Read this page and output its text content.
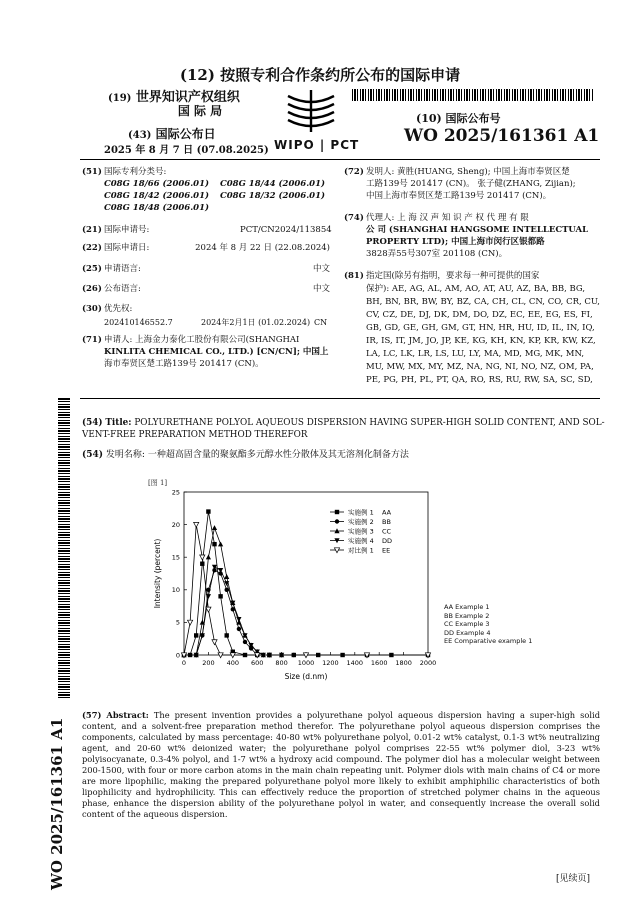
(12) 按照专利合作条约所公布的国际申请
(19) 世界知识产权组织
国 际 局
(43) 国际公布日
2025 年 8 月 7 日 (07.08.2025) WIPO | PCT
(10) 国际公布号
WO 2025/161361 A1
(51) 国际专利分类号:
C08G 18/66 (2006.01) C08G 18/44 (2006.01)
C08G 18/42 (2006.01) C08G 18/32 (2006.01)
C08G 18/48 (2006.01)
(21) 国际申请号:	PCT/CN2024/113854
(22) 国际申请日:	2024 年 8 月 22 日 (22.08.2024)
(25) 申请语言:	中文
(26) 公布语言:	中文
(30) 优先权:
202410146552.7	2024年2月1日 (01.02.2024) CN
(71) 申请人: 上海金力泰化工股份有限公司(SHANGHAI
KINLITA CHEMICAL CO., LTD.) [CN/CN]; 中国上
海市奉贤区楚工路139号 201417 (CN)。
(72) 发明人: 黄胜(HUANG, Sheng); 中国上海市奉贤区楚
工路139号 201417 (CN)。 张子健(ZHANG, Zijian);
中国上海市奉贤区楚工路139号 201417 (CN)。
(74) 代理人: 上 海 汉 声 知 识 产 权 代 理 有 限
公 司 (SHANGHAI HANGSOME INTELLECTUAL
PROPERTY LTD); 中国上海市闵行区银都路
3828弄55号307室 201108 (CN)。
(81) 指定国(除另有指明，要求每一种可提供的国家
保护): AE, AG, AL, AM, AO, AT, AU, AZ, BA, BB, BG,
BH, BN, BR, BW, BY, BZ, CA, CH, CL, CN, CO, CR, CU,
CV, CZ, DE, DJ, DK, DM, DO, DZ, EC, EE, EG, ES, FI,
GB, GD, GE, GH, GM, GT, HN, HR, HU, ID, IL, IN, IQ,
IR, IS, IT, JM, JO, JP, KE, KG, KH, KN, KP, KR, KW, KZ,
LA, LC, LK, LR, LS, LU, LY, MA, MD, MG, MK, MN,
MU, MW, MX, MY, MZ, NA, NG, NI, NO, NZ, OM, PA,
PE, PG, PH, PL, PT, QA, RO, RS, RU, RW, SA, SC, SD,
WO 2025/161361 A1
(54) Title: POLYURETHANE POLYOL AQUEOUS DISPERSION HAVING SUPER-HIGH SOLID CONTENT, AND SOL-
VENT-FREE PREPARATION METHOD THEREFOR
(54) 发明名称: 一种超高固含量的聚氨酯多元醇水性分散体及其无溶剂化制备方法
[图 1]
0 200 400 600 800 1000 1200 1400 1600 1800 2000
0
5
10
15
20
25
Size (d.nm)
Intensity (percent)
实施例 1 AA
实施例 2 BB
实施例 3 CC
实施例 4 DD
对比例 1 EE
AA Example 1
BB Example 2
CC Example 3
DD Example 4
EE Comparative example 1
(57) Abstract: The present invention provides a polyurethane polyol aqueous dispersion having a super-high solid content, and a solvent-free preparation method therefor. The polyurethane polyol aqueous dispersion comprises the components, calculated by mass percentage: 40-80 wt% polyurethane polyol, 0.01-2 wt% catalyst, 0.1-3 wt% neutralizing agent, and 20-60 wt% deionized water; the polyurethane polyol comprises 22-55 wt% polymer diol, 3-23 wt% polyisocyanate, 0.3-4% polyol, and 1-7 wt% a hydroxy acid compound. The polymer diol has a molecular weight between 200-1500, with four or more carbon atoms in the main chain repeating unit. Polymer diols with main chains of C4 or more are more lipophilic, making the prepared polyurethane polyol more likely to exhibit amphiphilic characteristics of both lipophilicity and hydrophilicity. This can effectively reduce the proportion of stretched polymer chains in the aqueous phase, enhance the dispersion ability of the polyurethane polyol in water, and consequently increase the overall solid content of the aqueous dispersion.
[见续页]
